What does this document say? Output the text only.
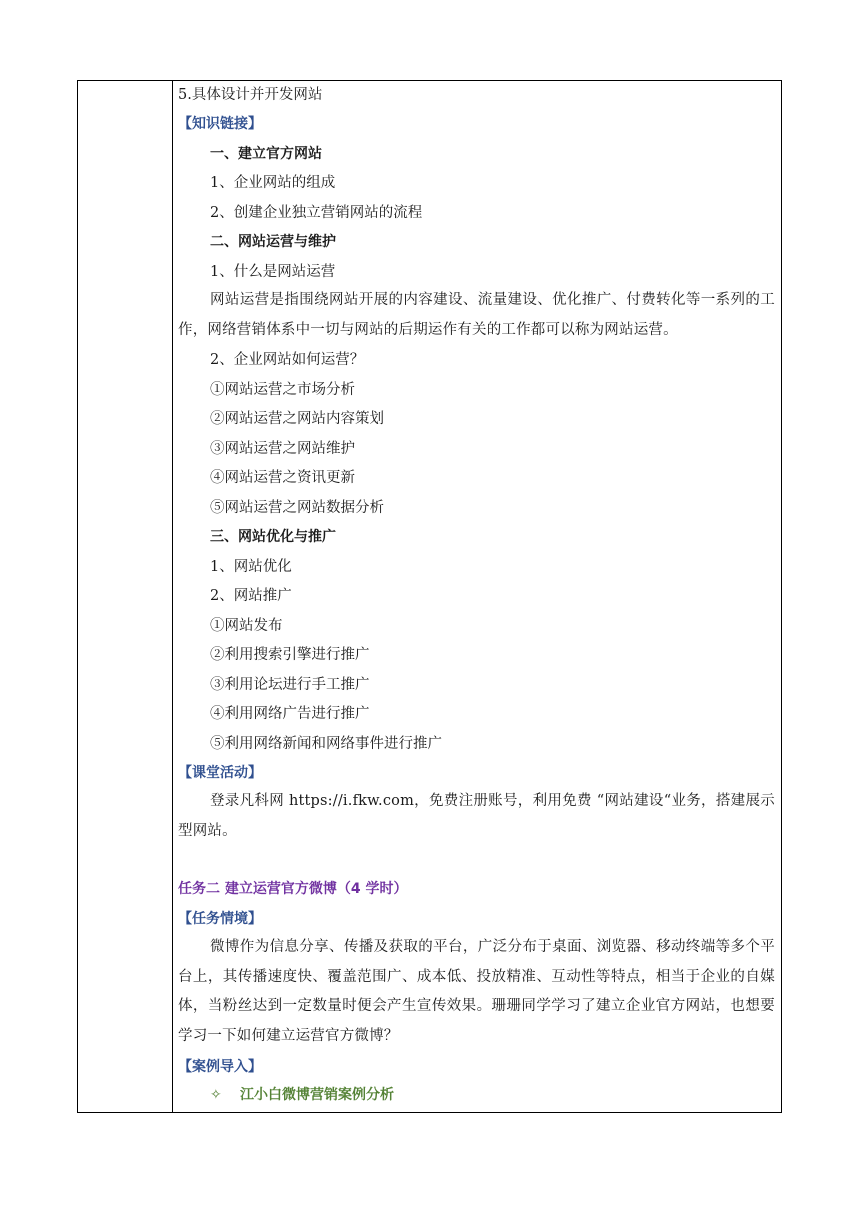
5.具体设计并开发网站
【知识链接】
一、建立官方网站
1、企业网站的组成
2、创建企业独立营销网站的流程
二、网站运营与维护
1、什么是网站运营
网站运营是指围绕网站开展的内容建设、流量建设、优化推广、付费转化等一系列的工作，网络营销体系中一切与网站的后期运作有关的工作都可以称为网站运营。
2、企业网站如何运营？
①网站运营之市场分析
②网站运营之网站内容策划
③网站运营之网站维护
④网站运营之资讯更新
⑤网站运营之网站数据分析
三、网站优化与推广
1、网站优化
2、网站推广
①网站发布
②利用搜索引擎进行推广
③利用论坛进行手工推广
④利用网络广告进行推广
⑤利用网络新闻和网络事件进行推广
【课堂活动】
登录凡科网 https://i.fkw.com，免费注册账号，利用免费 “网站建设“业务，搭建展示型网站。
任务二 建立运营官方微博（4 学时）
【任务情境】
微博作为信息分享、传播及获取的平台，广泛分布于桌面、浏览器、移动终端等多个平台上，其传播速度快、覆盖范围广、成本低、投放精准、互动性等特点，相当于企业的自媒体，当粉丝达到一定数量时便会产生宣传效果。珊珊同学学习了建立企业官方网站，也想要学习一下如何建立运营官方微博？
【案例导入】
✧ 江小白微博营销案例分析
